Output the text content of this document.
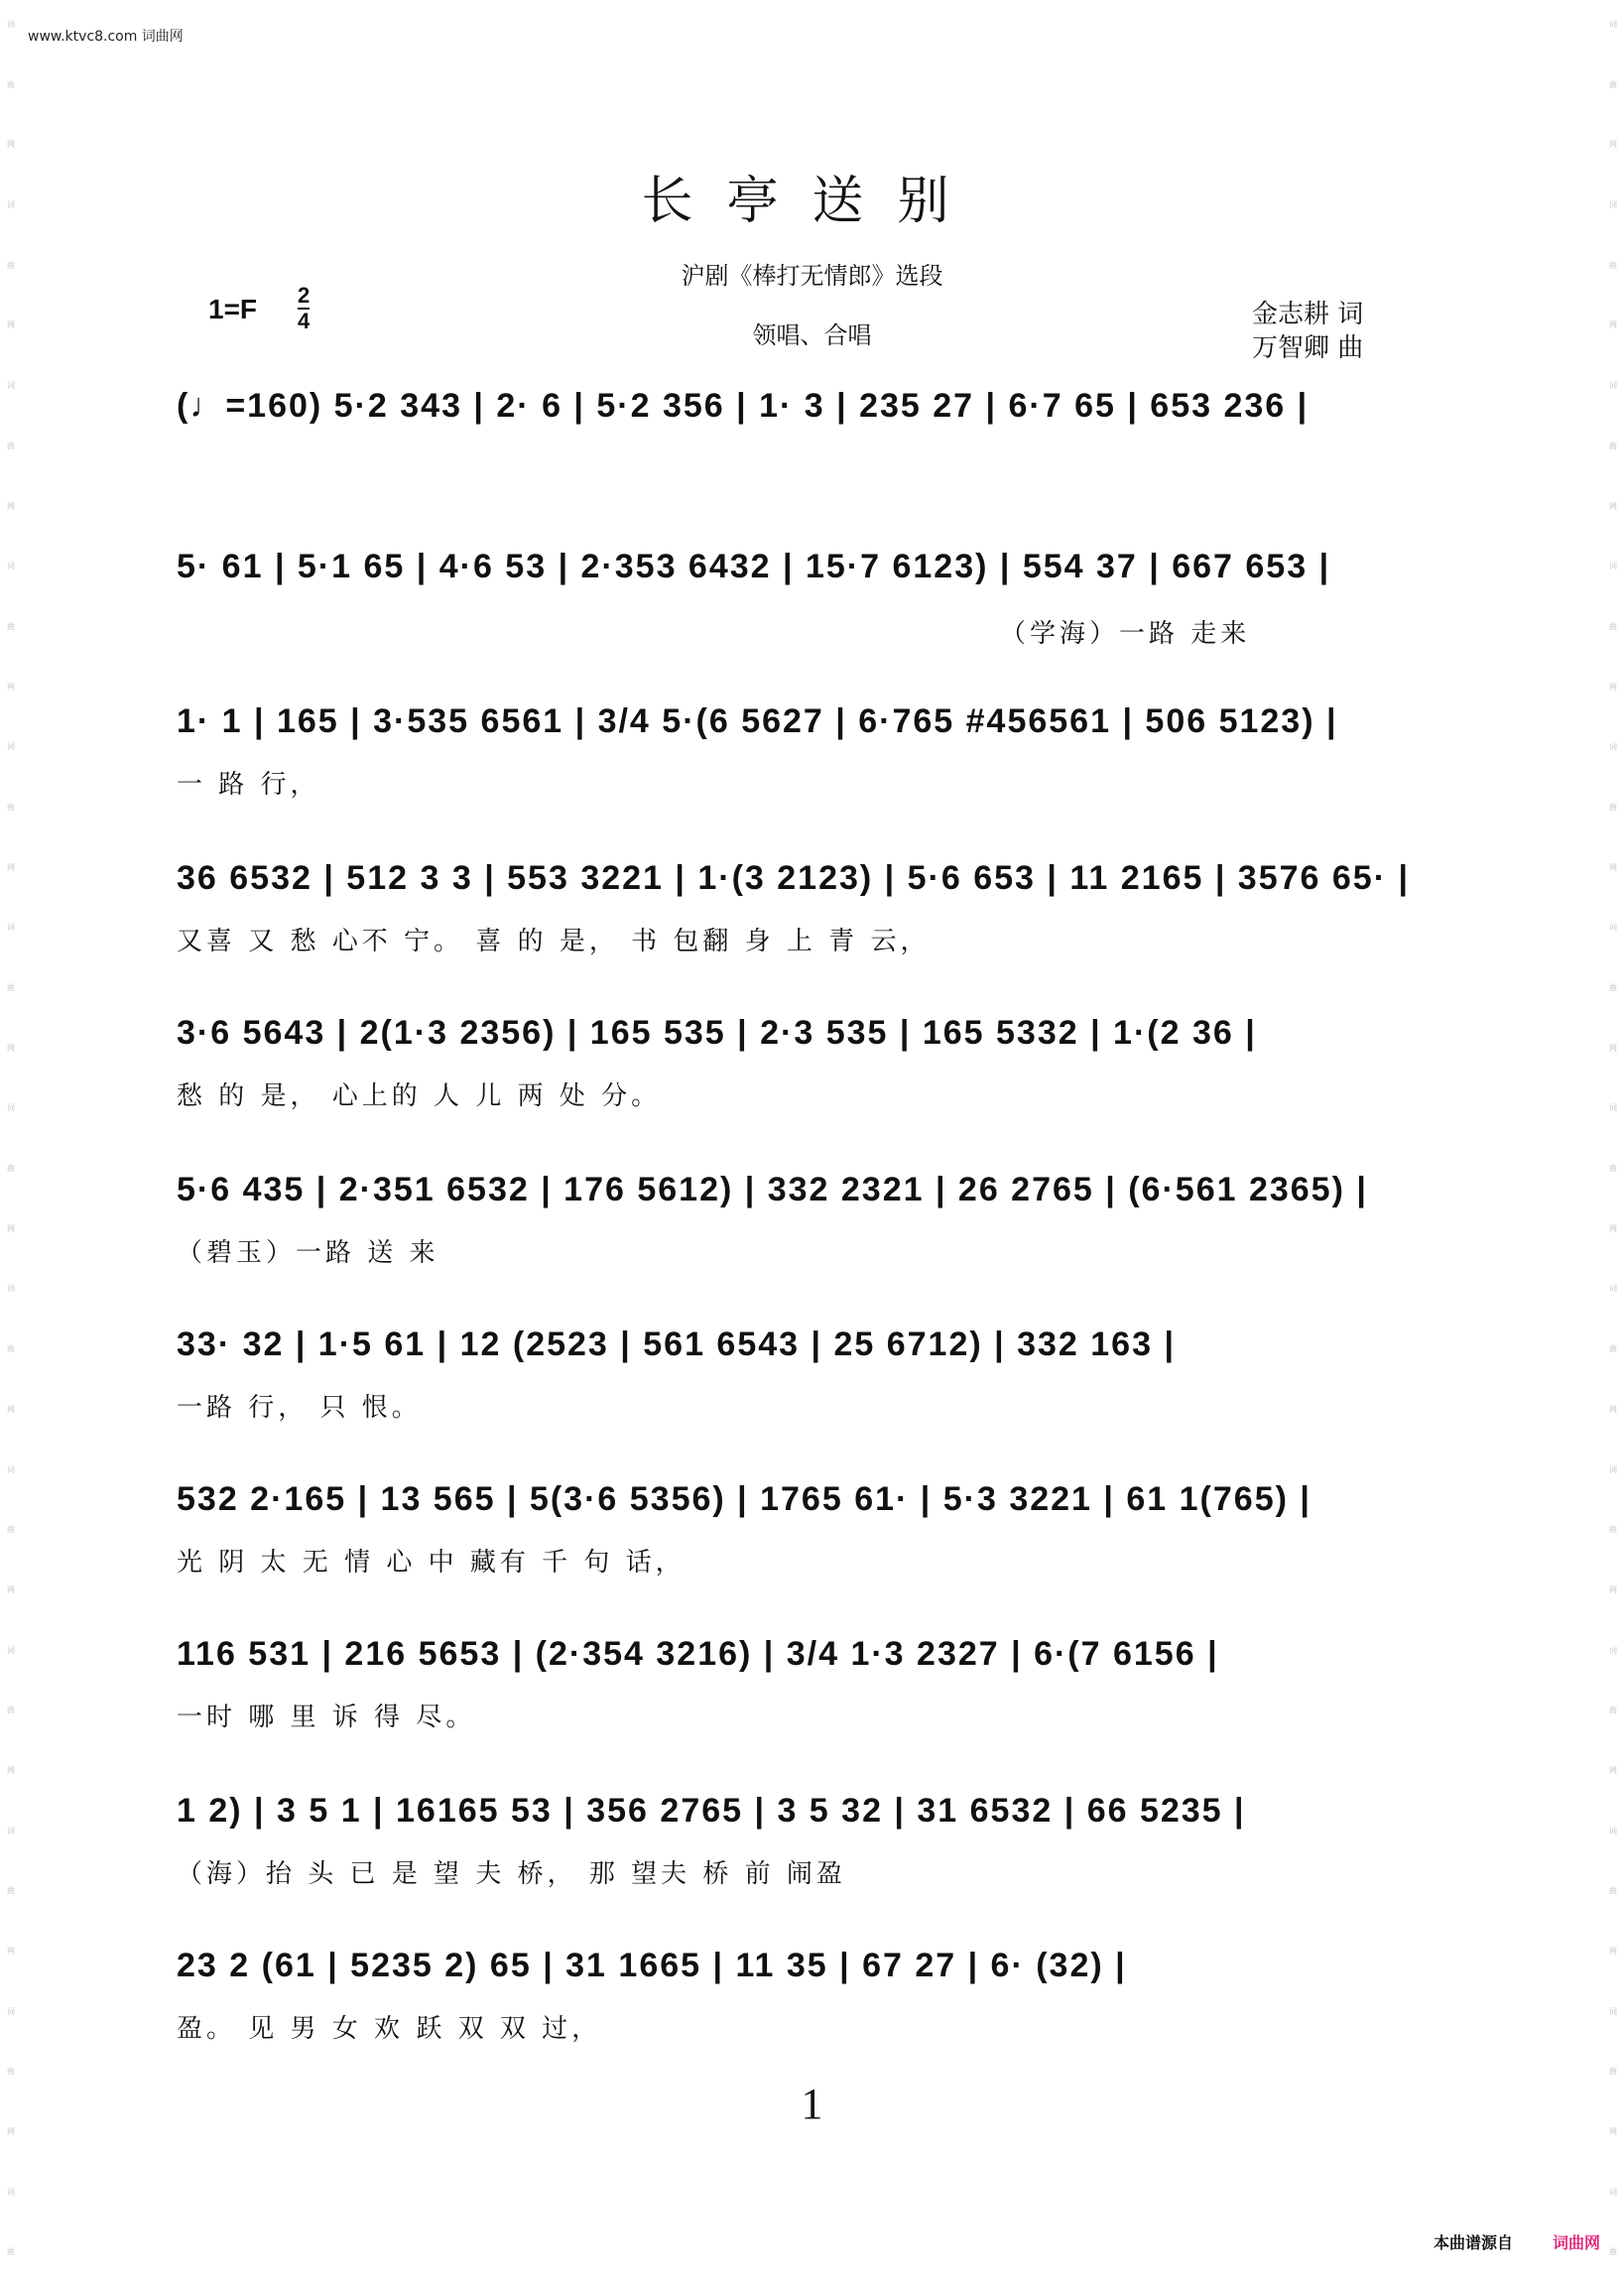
词
曲
网
词
曲
网
词
曲
网
词
曲
网
词
曲
网
词
曲
网
词
曲
网
词
曲
网
词
曲
网
词
曲
网
词
曲
网
词
曲
网
词
曲
词
曲
网
词
曲
网
词
曲
网
词
曲
网
词
曲
网
词
曲
网
词
曲
网
词
曲
网
词
曲
网
词
曲
网
词
曲
网
词
曲
网
词
曲
www.ktvc8.com 词曲网
长亭送别
沪剧《棒打无情郎》选段
领唱、合唱
1=F 2
4	金志耕 词
万智卿 曲
(♩=160) 5·2 343 | 2· 6 | 5·2 356 | 1· 3 | 235 27 | 6·7 65 | 653 236 |
5· 61 | 5·1 65 | 4·6 53 | 2·353 6432 | 15·7 6123) | 554 37 | 667 653 |
（学海）一路 走来
1· 1 | 165 | 3·535 6561 | 3/4 5·(6 5627 | 6·765 #456561 | 506 5123) |
一 路 行，
36 6532 | 512 3 3 | 553 3221 | 1·(3 2123) | 5·6 653 | 11 2165 | 3576 65· |
又喜 又 愁 心不 宁。 喜 的 是， 书 包翻 身 上 青 云，
3·6 5643 | 2(1·3 2356) | 165 535 | 2·3 535 | 165 5332 | 1·(2 36 |
愁 的 是， 心上的 人 儿 两 处 分。
5·6 435 | 2·351 6532 | 176 5612) | 332 2321 | 26 2765 | (6·561 2365) |
（碧玉）一路 送 来
33· 32 | 1·5 61 | 12 (2523 | 561 6543 | 25 6712) | 332 163 |
一路 行， 只 恨。
532 2·165 | 13 565 | 5(3·6 5356) | 1765 61· | 5·3 3221 | 61 1(765) |
光 阴 太 无 情 心 中 藏有 千 句 话，
116 531 | 216 5653 | (2·354 3216) | 3/4 1·3 2327 | 6·(7 6156 |
一时 哪 里 诉 得 尽。
1 2) | 3 5 1 | 16165 53 | 356 2765 | 3 5 32 | 31 6532 | 66 5235 |
（海）抬 头 已 是 望 夫 桥， 那 望夫 桥 前 闹盈
23 2 (61 | 5235 2) 65 | 31 1665 | 11 35 | 67 27 | 6· (32) |
盈。 见 男 女 欢 跃 双 双 过，
1
本曲谱源自	词曲网
